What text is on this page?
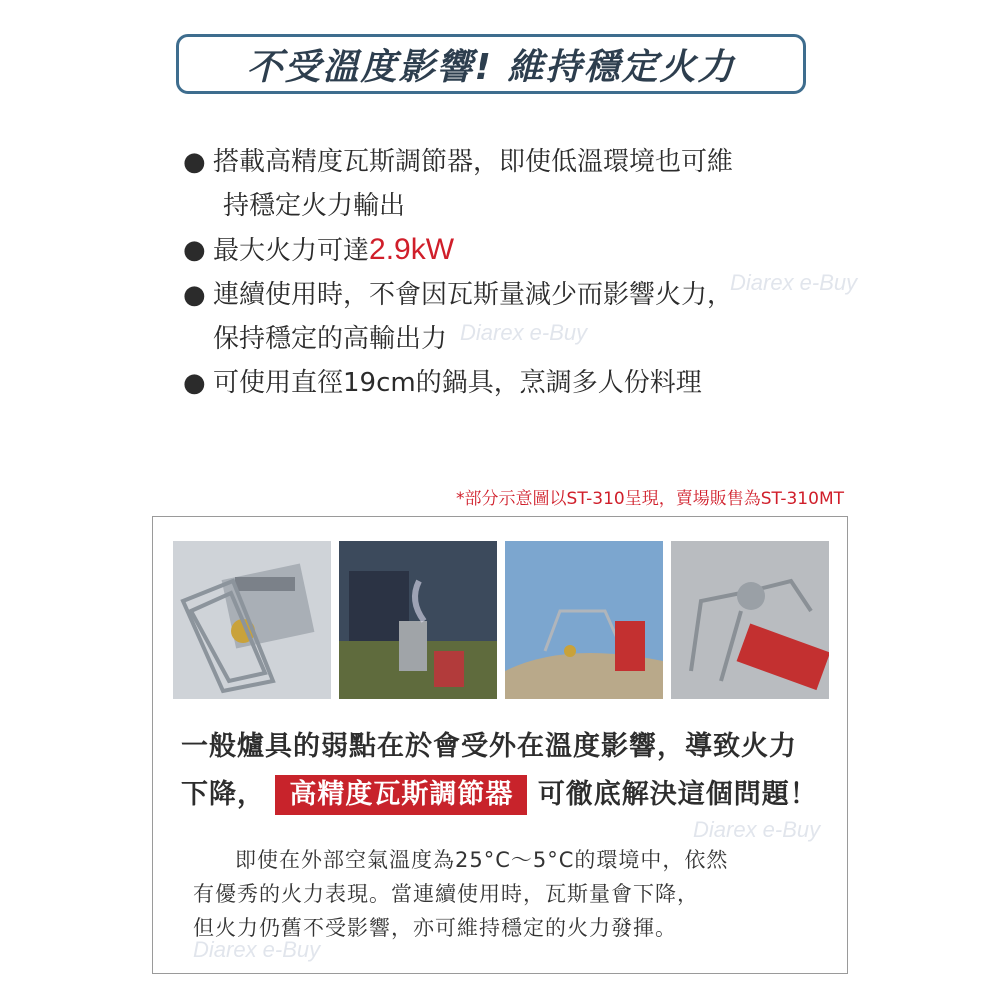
不受溫度影響! 維持穩定火力
● 搭載高精度瓦斯調節器，即使低溫環境也可維
持穩定火力輸出
● 最大火力可達2.9kW
● 連續使用時，不會因瓦斯量減少而影響火力，
保持穩定的高輸出力
● 可使用直徑19cm的鍋具，烹調多人份料理
*部分示意圖以ST-310呈現，賣場販售為ST-310MT
Diarex e-Buy
Diarex e-Buy
一般爐具的弱點在於會受外在溫度影響，導致火力
下降， 高精度瓦斯調節器 可徹底解決這個問題！
即使在外部空氣溫度為25°C～5°C的環境中，依然
有優秀的火力表現。當連續使用時，瓦斯量會下降，
但火力仍舊不受影響，亦可維持穩定的火力發揮。
Diarex e-Buy
Diarex e-Buy
